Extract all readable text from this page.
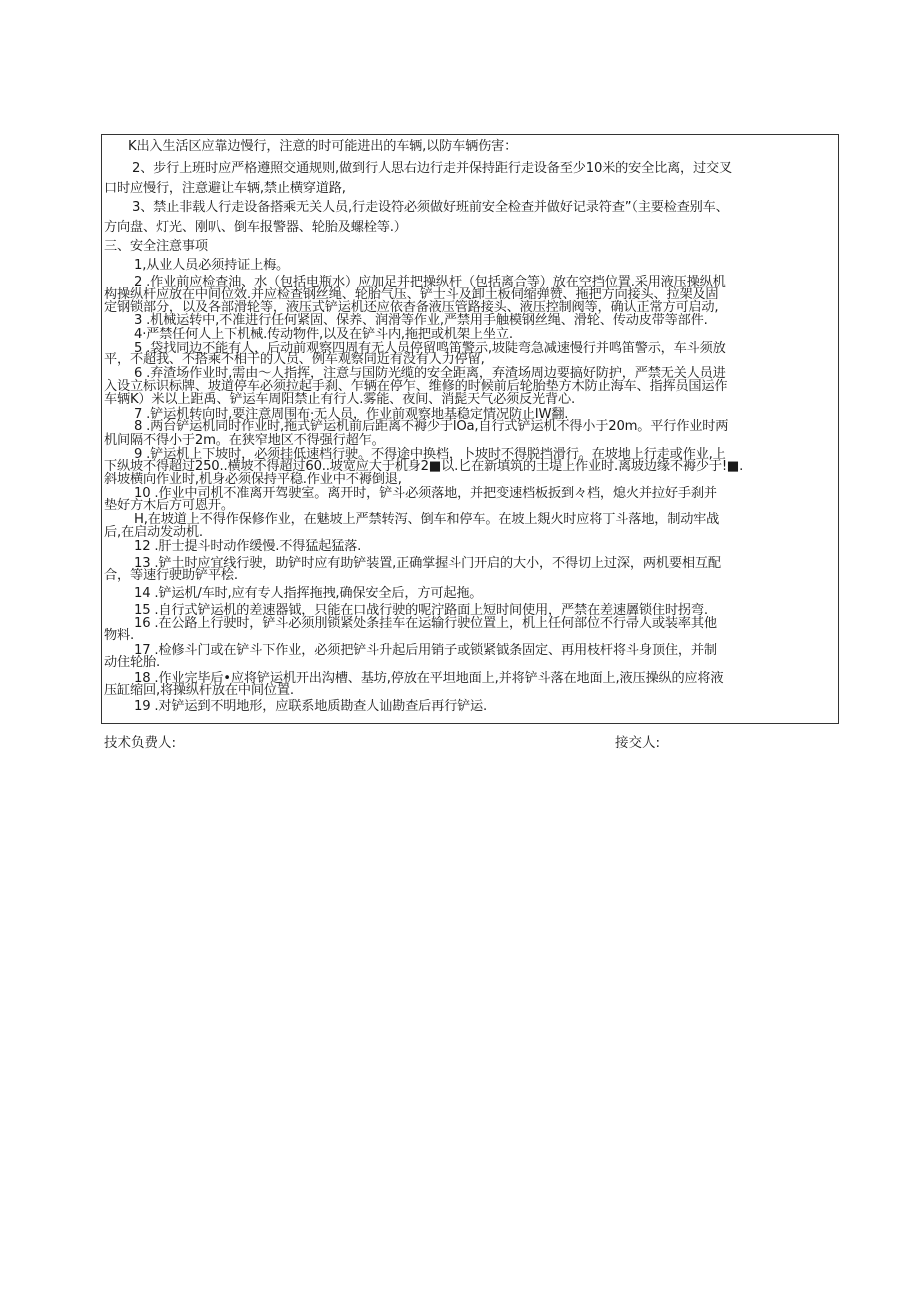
K出入生活区应靠边慢行，注意的时可能进出的车辆,以防车辆伤害：
2、步行上班时应严格遵照交通规则,做到行人思右边行走并保持距行走设备至少10米的安全比离，过交叉
口时应慢行，注意避让车辆,禁止横穿道路,
3、禁止非载人行走设备搭乘无关人员,行走设符必须做好班前安全检查并做好记录符查”（主要检查别车、
方向盘、灯光、刚叭、倒车报警器、轮胎及螺栓等.）
三、安全注意事项
1,从业人员必须持证上梅。
2 .作业前应检查油、水（包括电瓶水）应加足并把操纵杆（包括离合等）放在空挡位置.采用液压操纵机
构操纵杆应放在中间位效.并应检查钢丝绳、轮胎气压、铲士斗及卸土板伺缩弹赞、拖把方向接头、拉架及固
定钢锁部分，以及各部滑轮等，液压式铲运机还应依杳备液压管路接头、液压控制阀等，确认正常方可启动,
3 .机械运转中,不准进行任何紧固、保养、润滑等作业,严禁用手触模钢丝绳、滑轮、传动皮带等部件.
4·严禁任何人上下机械.传动物件,以及在铲斗内,拖把或机架上坐立.
5 .袋找同边不能有人，后动前观察四周有无人员停留鸣笛警示,坡陡弯急减速慢行并鸣笛警示，车斗须放
平，不超我、不搭乘不相干的人员、例车观察同近有没有人力停留,
6 .弃渣场作业时,需由～人指挥，注意与国防光缆的安全距离，弃渣场周边要搞好防护，严禁无关人员进
入设立标识标牌、坡道停车必须拉起手刹、乍辆在停乍、维修的时候前后轮胎垫方木防止海车、指挥员国运作
车辆K）米以上距禹、铲运车周阳禁止有行人.雾能、夜间、消髭天气必须反光背心.
7 .铲运机转向时,要注意周围布·无人员，作业前观察地基稳定情况防止IW翻.
8 .两台铲运机同时作业时,拖式铲运机前后距离不褥少于lOa,自行式铲运机不得小于20m。平行作业时两
机间隔不得小于2m。在狭窄地区不得强行超乍。
9 .铲运机上下坡时，必须挂低速档行驶。不得途中换档，卜坡时不得脱挡滑行。在坡地上行走或作业,上
下纵坡不得超过250..横坡不得超过60..坡宽应大于机身2■以.匕在新填筑的土堤上作业时.离坡边缘不褥少于!■.
斜坡横向作业时,机身必须保持平稳.作业中不褥倒退,
10 .作业中司机不准离开驾驶室。离开时，铲斗必须落地，并把变速档板扳到々档，熄火并拉好手刹并
垫好方木后方可恩开。
H,在坡道上不得作保修作业，在魅坡上严禁转泻、倒车和停车。在坡上覢火时应将丁斗落地，制动牢战
后,在启动发动机.
12 .肝士提斗时动作缓慢.不得猛起猛落.
13 .铲土时应宜线行驶，助铲时应有助铲装置,正确掌握斗门开启的大小，不得切上过深，两机要相互配
合，等速行驶助铲平桧.
14 .铲运机/车时,应有专人指挥拖拽,确保安全后，方可起拖。
15 .自行式铲运机的差速器钺，只能在口战行驶的呢泞路面上短时间使用，严禁在差速羼锁住时拐弯.
16 .在公路上行驶时，铲斗必须刖锁紧处条挂车在运输行驶位置上，机上任何部位不行帚人或装率其他
物料.
17 .检修斗门或在铲斗下作业，必须把铲斗升起后用销子或锁紧钺条固定、再用枝杆将斗身顶住，并制
动住轮胎.
18 .作业完毕后•应将铲运机开出沟槽、基坊,停放在平坦地面上,并将铲斗落在地面上,液压操纵的应将液
压缸缩回,将操纵杆放在中间位置.
19 .对铲运到不明地形，应联系地质勘查人讪勘查后再行铲运.
技术负费人:	接交人:
